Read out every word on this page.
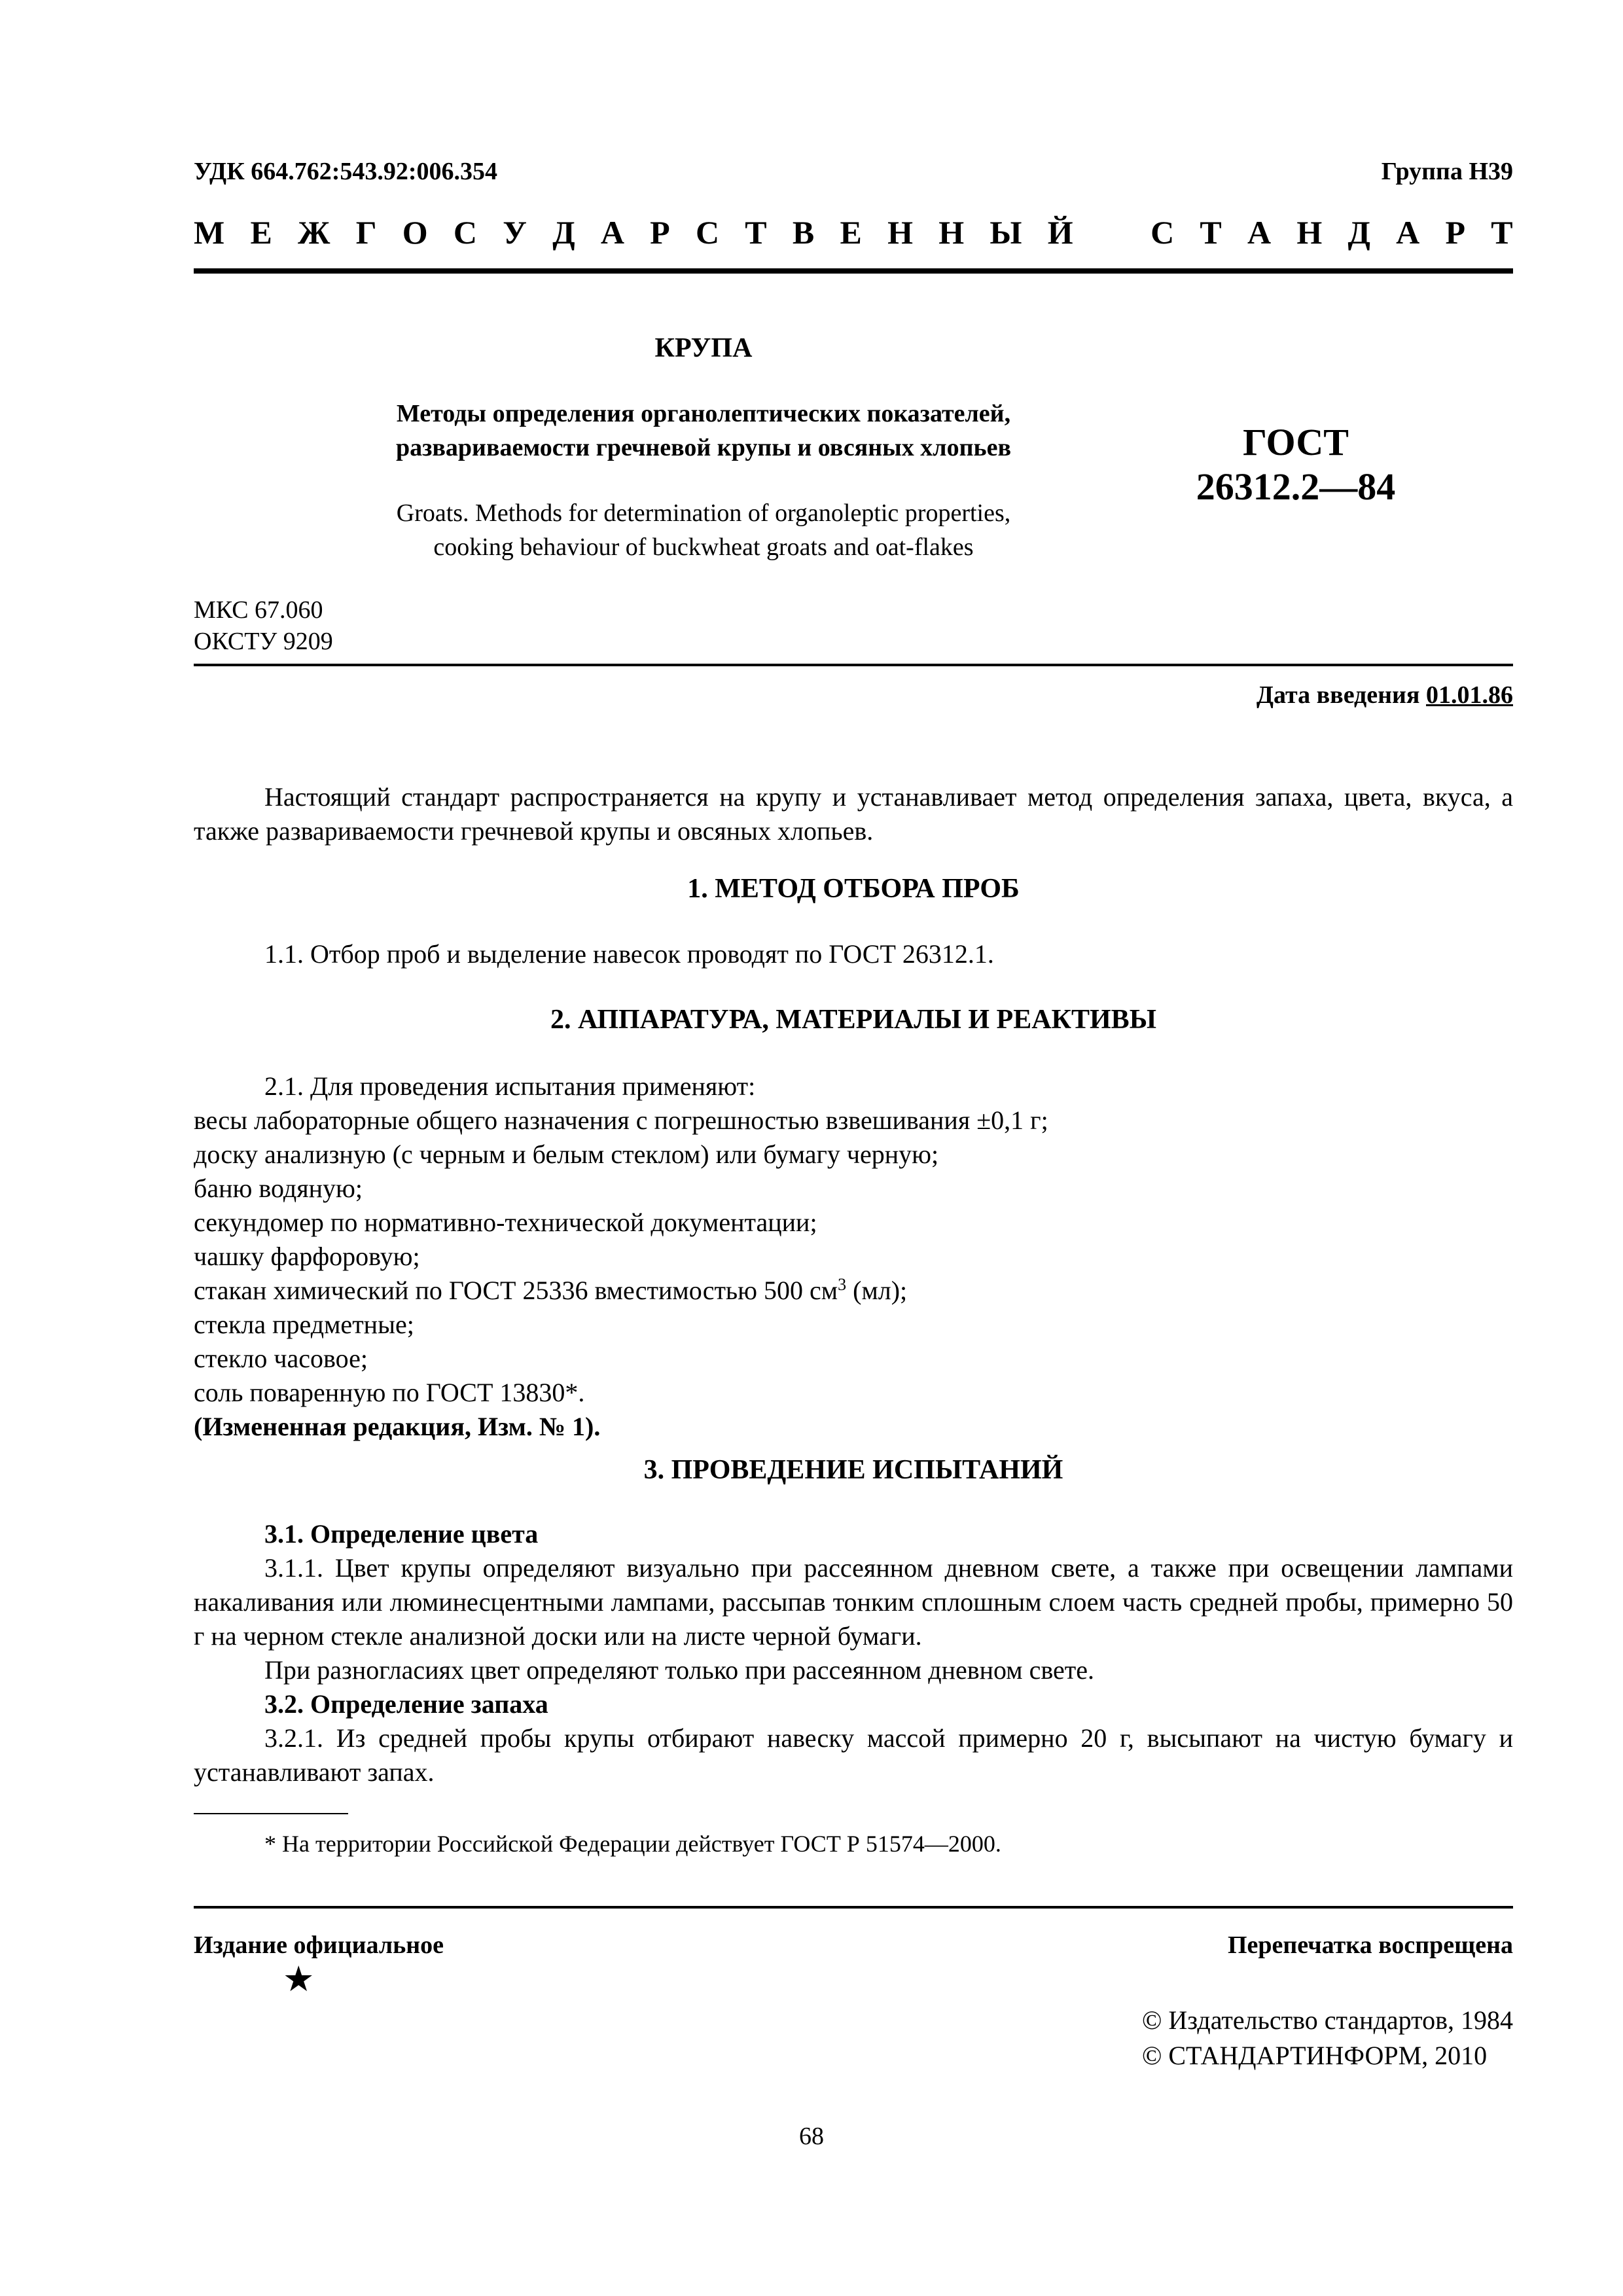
УДК 664.762:543.92:006.354	Группа Н39
М Е Ж Г О С У Д А Р С Т В Е Н Н Ы Й С Т А Н Д А Р Т
КРУПА
Методы определения органолептических показателей,
развариваемости гречневой крупы и овсяных хлопьев
Groats. Methods for determination of organoleptic properties,
cooking behaviour of buckwheat groats and oat-flakes
ГОСТ
26312.2—84
МКС 67.060
ОКСТУ 9209
Дата введения 01.01.86

Настоящий стандарт распространяется на крупу и устанавливает метод определения запаха, цвета, вкуса, а также развариваемости гречневой крупы и овсяных хлопьев.

1. МЕТОД ОТБОРА ПРОБ

1.1. Отбор проб и выделение навесок проводят по ГОСТ 26312.1.

2. АППАРАТУРА, МАТЕРИАЛЫ И РЕАКТИВЫ
2.1. Для проведения испытания применяют:
весы лабораторные общего назначения с погрешностью взвешивания ±0,1 г;
доску анализную (с черным и белым стеклом) или бумагу черную;
баню водяную;
секундомер по нормативно-технической документации;
чашку фарфоровую;
стакан химический по ГОСТ 25336 вместимостью 500 $см^3$ (мл);
стекла предметные;
стекло часовое;
соль поваренную по ГОСТ 13830*.
(Измененная редакция, Изм. № 1).
3. ПРОВЕДЕНИЕ ИСПЫТАНИЙ
3.1. Определение цвета
3.1.1. Цвет крупы определяют визуально при рассеянном дневном свете, а также при освещении лампами накаливания или люминесцентными лампами, рассыпав тонким сплошным слоем часть средней пробы, примерно 50 г на черном стекле анализной доски или на листе черной бумаги.
При разногласиях цвет определяют только при рассеянном дневном свете.
3.2. Определение запаха
3.2.1. Из средней пробы крупы отбирают навеску массой примерно 20 г, высыпают на чистую бумагу и устанавливают запах.
* На территории Российской Федерации действует ГОСТ Р 51574—2000.
Издание официальное	Перепечатка воспрещена
★
© Издательство стандартов, 1984
© СТАНДАРТИНФОРМ, 2010
68
